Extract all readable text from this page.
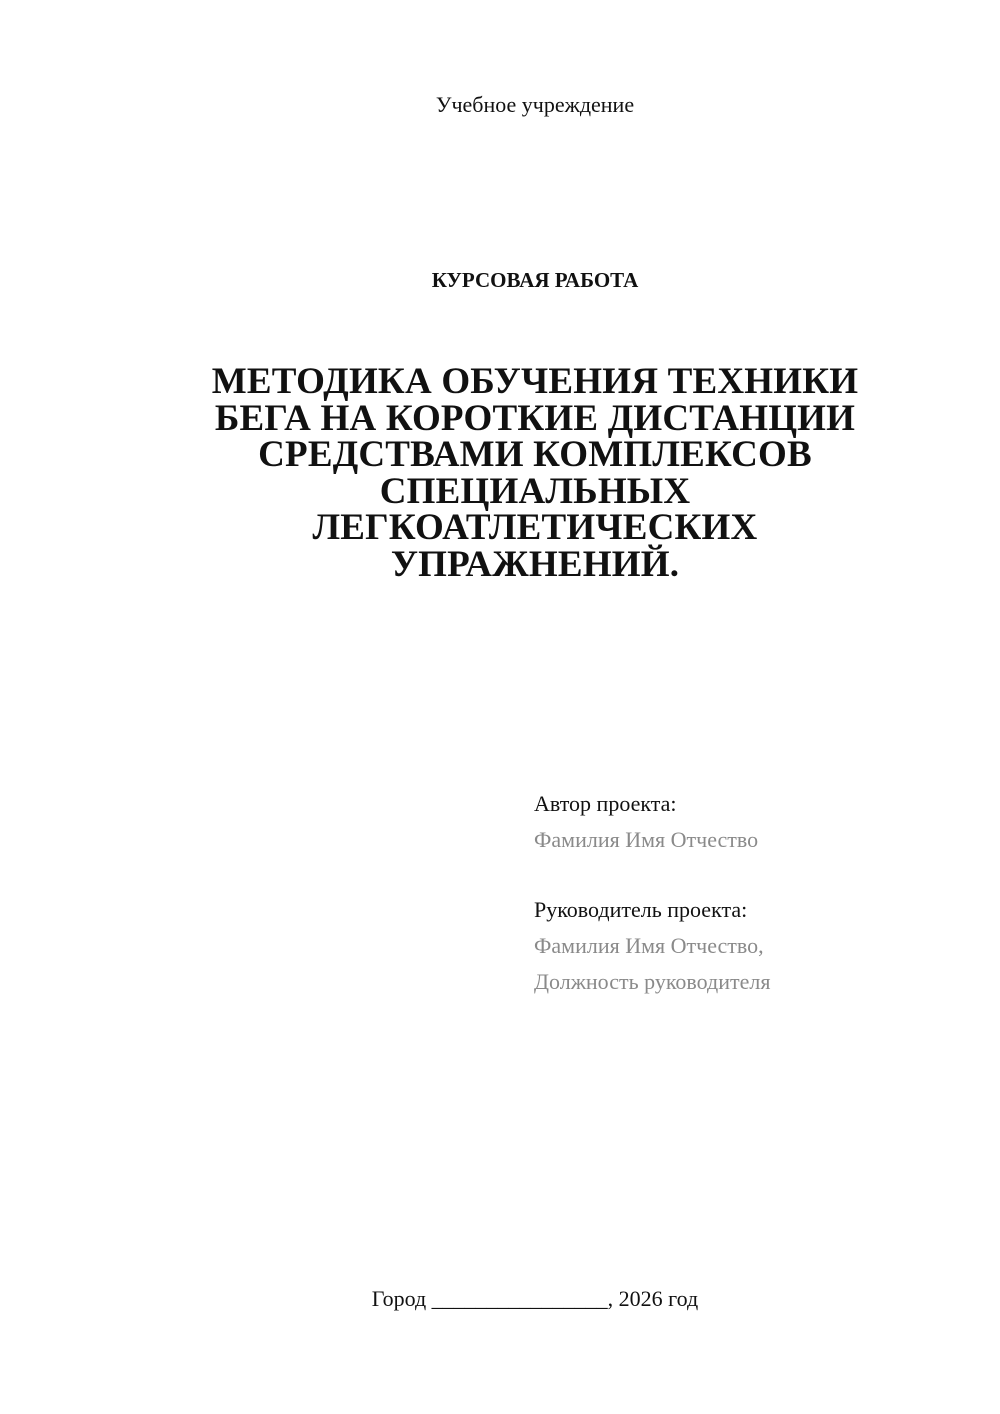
Учебное учреждение
КУРСОВАЯ РАБОТА
МЕТОДИКА ОБУЧЕНИЯ ТЕХНИКИ
БЕГА НА КОРОТКИЕ ДИСТАНЦИИ
СРЕДСТВАМИ КОМПЛЕКСОВ
СПЕЦИАЛЬНЫХ
ЛЕГКОАТЛЕТИЧЕСКИХ
УПРАЖНЕНИЙ.
Автор проекта:
Фамилия Имя Отчество
Руководитель проекта:
Фамилия Имя Отчество,
Должность руководителя
Город ________________, 2026 год
